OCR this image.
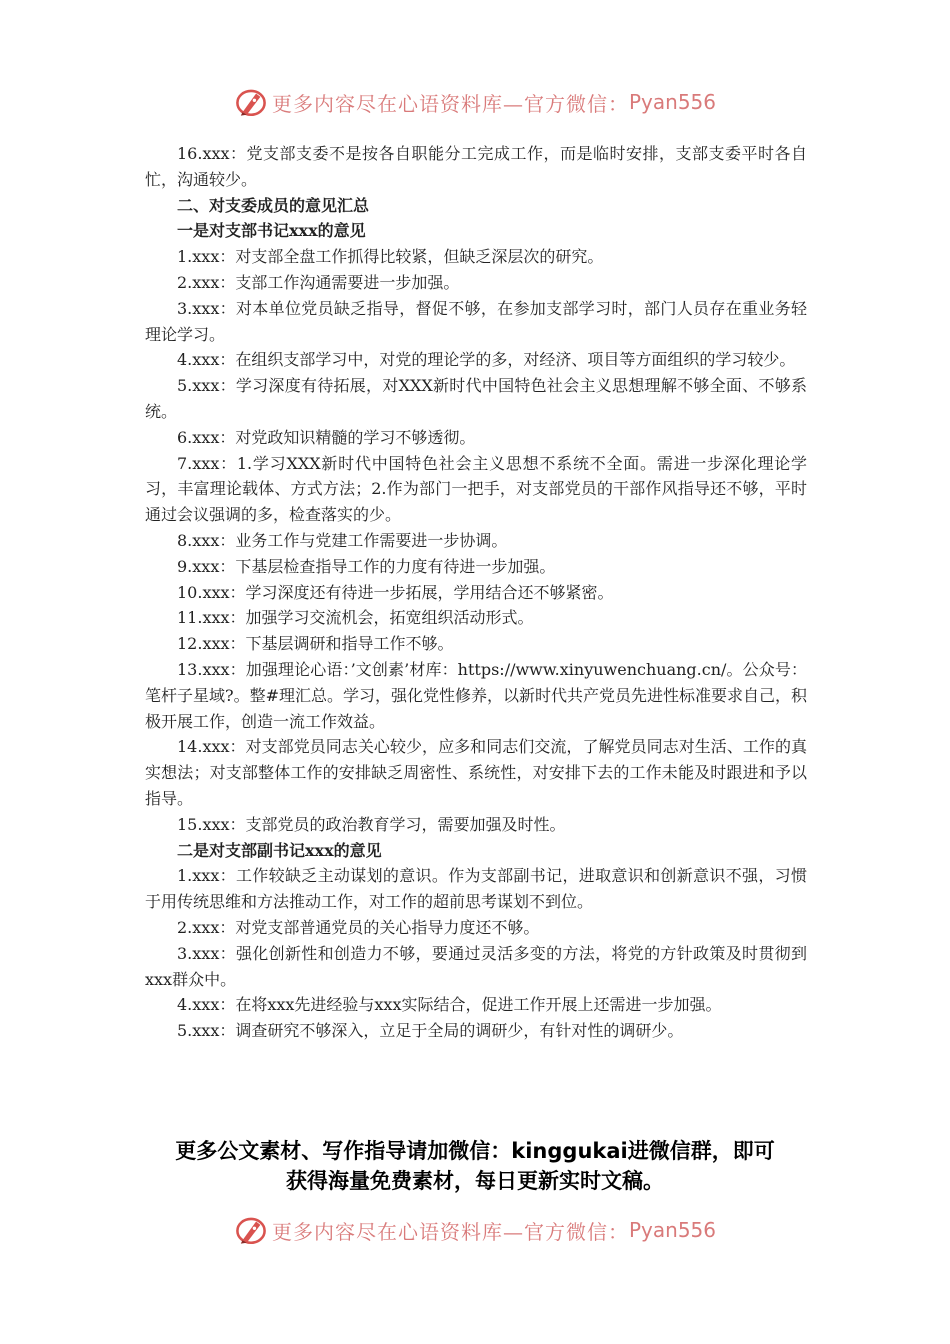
更多内容尽在心语资料库—官方微信： Pyan556

16.xxx：党支部支委不是按各自职能分工完成工作，而是临时安排，支部支委平时各自忙，沟通较少。

二、对支委成员的意见汇总

一是对支部书记xxx的意见

1.xxx：对支部全盘工作抓得比较紧，但缺乏深层次的研究。

2.xxx：支部工作沟通需要进一步加强。

3.xxx：对本单位党员缺乏指导，督促不够，在参加支部学习时，部门人员存在重业务轻理论学习。

4.xxx：在组织支部学习中，对党的理论学的多，对经济、项目等方面组织的学习较少。

5.xxx：学习深度有待拓展，对XXX新时代中国特色社会主义思想理解不够全面、不够系统。

6.xxx：对党政知识精髓的学习不够透彻。

7.xxx：1.学习XXX新时代中国特色社会主义思想不系统不全面。需进一步深化理论学习，丰富理论载体、方式方法；2.作为部门一把手，对支部党员的干部作风指导还不够，平时通过会议强调的多，检查落实的少。

8.xxx：业务工作与党建工作需要进一步协调。

9.xxx：下基层检查指导工作的力度有待进一步加强。

10.xxx：学习深度还有待进一步拓展，学用结合还不够紧密。

11.xxx：加强学习交流机会，拓宽组织活动形式。

12.xxx：下基层调研和指导工作不够。

13.xxx：加强理论心语：’文创素’材库：https://www.xinyuwenchuang.cn/。公众号：笔杆子星域?。整#理汇总。学习，强化党性修养，以新时代共产党员先进性标准要求自己，积极开展工作，创造一流工作效益。

14.xxx：对支部党员同志关心较少，应多和同志们交流，了解党员同志对生活、工作的真实想法；对支部整体工作的安排缺乏周密性、系统性，对安排下去的工作未能及时跟进和予以指导。

15.xxx：支部党员的政治教育学习，需要加强及时性。

二是对支部副书记xxx的意见

1.xxx：工作较缺乏主动谋划的意识。作为支部副书记，进取意识和创新意识不强，习惯于用传统思维和方法推动工作，对工作的超前思考谋划不到位。

2.xxx：对党支部普通党员的关心指导力度还不够。

3.xxx：强化创新性和创造力不够，要通过灵活多变的方法，将党的方针政策及时贯彻到xxx群众中。

4.xxx：在将xxx先进经验与xxx实际结合，促进工作开展上还需进一步加强。

5.xxx：调查研究不够深入，立足于全局的调研少，有针对性的调研少。

更多公文素材、写作指导请加微信：kinggukai进微信群，即可
获得海量免费素材，每日更新实时文稿。
更多内容尽在心语资料库—官方微信： Pyan556
